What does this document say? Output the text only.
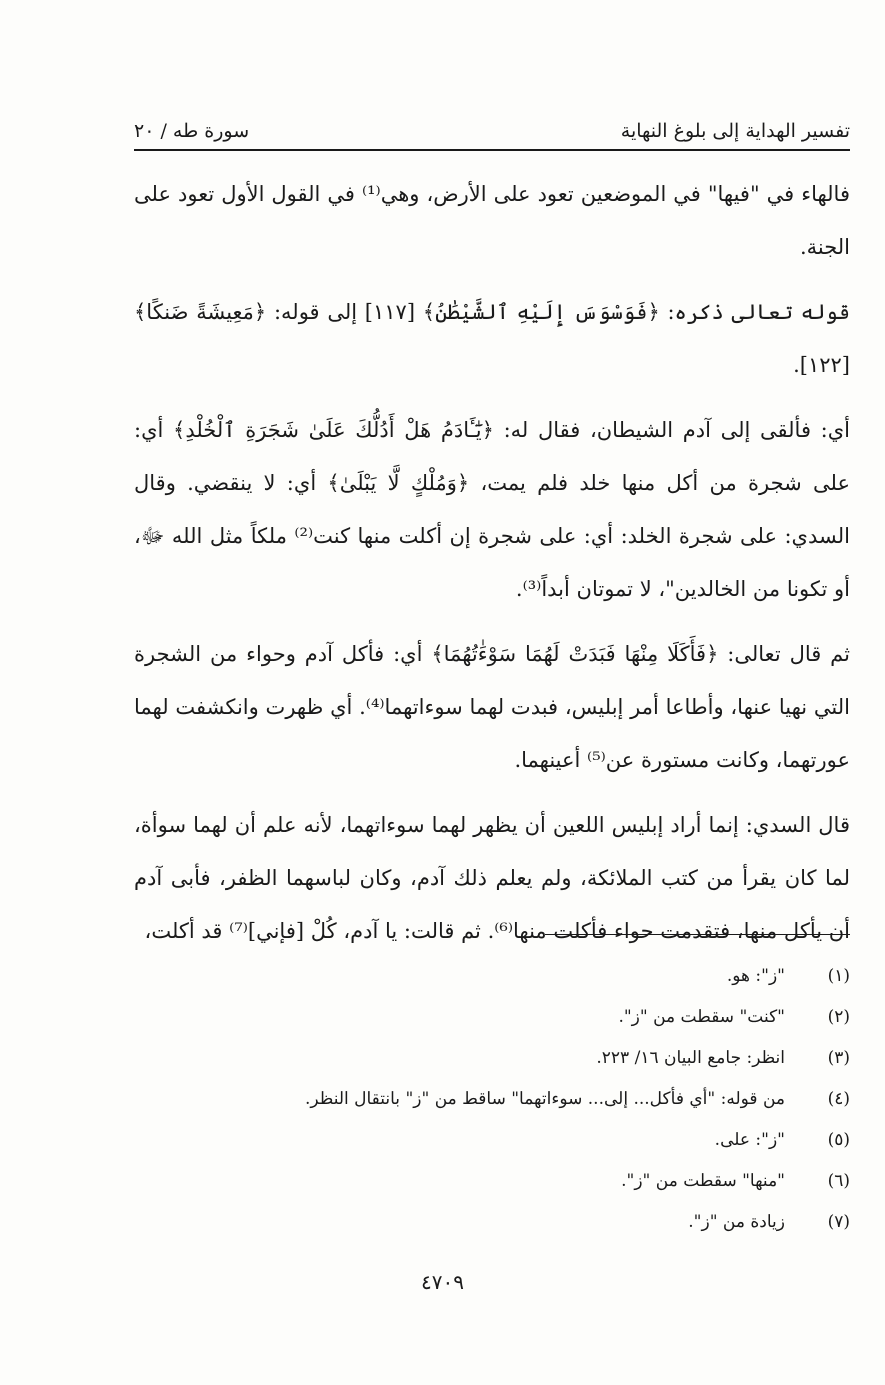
تفسير الهداية إلى بلوغ النهاية
سورة طه / ٢٠

فالهاء في "فيها" في الموضعين تعود على الأرض، وهي⁽¹⁾ في القول الأول تعود على الجنة.

قوله تعالى ذكره: ﴿فَوَسْوَسَ إِلَيْهِ ٱلشَّيْطَٰنُ﴾ [١١٧] إلى قوله: ﴿مَعِيشَةً ضَنكًا﴾ [١٢٢].

أي: فألقى إلى آدم الشيطان، فقال له: ﴿يَٰٓـَٔادَمُ هَلْ أَدُلُّكَ عَلَىٰ شَجَرَةِ ٱلْخُلْدِ﴾ أي: على شجرة من أكل منها خلد فلم يمت، ﴿وَمُلْكٍ لَّا يَبْلَىٰ﴾ أي: لا ينقضي. وقال السدي: على شجرة الخلد: أي: على شجرة إن أكلت منها كنت⁽²⁾ ملكاً مثل الله ﷻ، أو تكونا من الخالدين"، لا تموتان أبداً⁽³⁾.

ثم قال تعالى: ﴿فَأَكَلَا مِنْهَا فَبَدَتْ لَهُمَا سَوْءَٰتُهُمَا﴾ أي: فأكل آدم وحواء من الشجرة التي نهيا عنها، وأطاعا أمر إبليس، فبدت لهما سوءاتهما⁽⁴⁾. أي ظهرت وانكشفت لهما عورتهما، وكانت مستورة عن⁽⁵⁾ أعينهما.

قال السدي: إنما أراد إبليس اللعين أن يظهر لهما سوءاتهما، لأنه علم أن لهما سوأة، لما كان يقرأ من كتب الملائكة، ولم يعلم ذلك آدم، وكان لباسهما الظفر، فأبى آدم أن يأكل منها، فتقدمت حواء فأكلت منها⁽⁶⁾. ثم قالت: يا آدم، كُلْ [فإني]⁽⁷⁾ قد أكلت،

(١)
"ز": هو.
(٢)
"كنت" سقطت من "ز".
(٣)
انظر: جامع البيان ١٦/ ٢٢٣.
(٤)
من قوله: "أي فأكل... إلى... سوءاتهما" ساقط من "ز" بانتقال النظر.
(٥)
"ز": على.
(٦)
"منها" سقطت من "ز".
(٧)
زيادة من "ز".
٤٧٠٩
